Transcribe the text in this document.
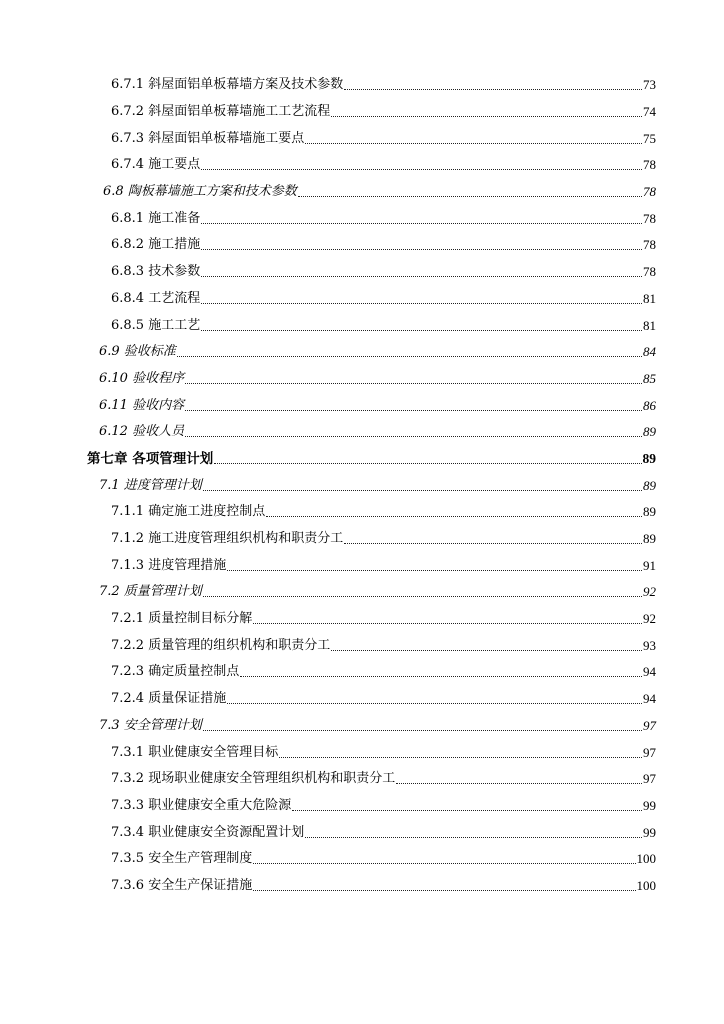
6.7.1 斜屋面铝单板幕墙方案及技术参数	73
6.7.2 斜屋面铝单板幕墙施工工艺流程	74
6.7.3 斜屋面铝单板幕墙施工要点	75
6.7.4 施工要点	78
6.8 陶板幕墙施工方案和技术参数	78
6.8.1 施工准备	78
6.8.2 施工措施	78
6.8.3 技术参数	78
6.8.4 工艺流程	81
6.8.5 施工工艺	81
6.9 验收标准	84
6.10 验收程序	85
6.11 验收内容	86
6.12 验收人员	89
第七章 各项管理计划	89
7.1 进度管理计划	89
7.1.1 确定施工进度控制点	89
7.1.2 施工进度管理组织机构和职责分工	89
7.1.3 进度管理措施	91
7.2 质量管理计划	92
7.2.1 质量控制目标分解	92
7.2.2 质量管理的组织机构和职责分工	93
7.2.3 确定质量控制点	94
7.2.4 质量保证措施	94
7.3 安全管理计划	97
7.3.1 职业健康安全管理目标	97
7.3.2 现场职业健康安全管理组织机构和职责分工	97
7.3.3 职业健康安全重大危险源	99
7.3.4 职业健康安全资源配置计划	99
7.3.5 安全生产管理制度	100
7.3.6 安全生产保证措施	100
